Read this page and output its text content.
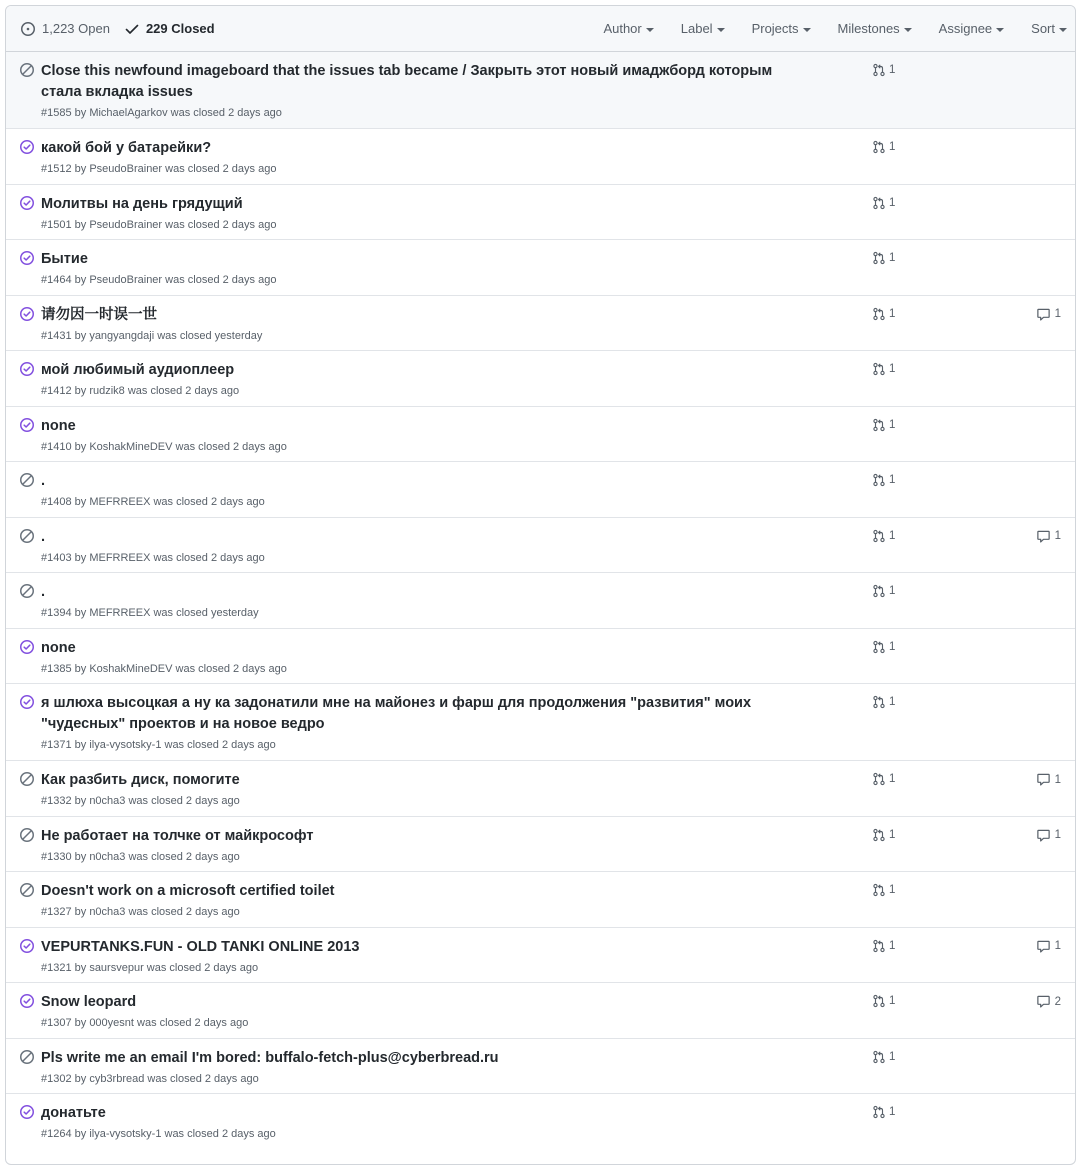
1,223 Open	229 Closed	Author	Label	Projects	Milestones	Assignee	Sort
Close this newfound imageboard that the issues tab became / Закрыть этот новый имаджборд которым стала вкладка issues
#1585 by MichaelAgarkov was closed 2 days ago
1
какой бой у батарейки?
#1512 by PseudoBrainer was closed 2 days ago
1
Молитвы на день грядущий
#1501 by PseudoBrainer was closed 2 days ago
1
Бытие
#1464 by PseudoBrainer was closed 2 days ago
1
请勿因一时误一世
#1431 by yangyangdaji was closed yesterday
1	1
мой любимый аудиоплеер
#1412 by rudzik8 was closed 2 days ago
1
none
#1410 by KoshakMineDEV was closed 2 days ago
1
.
#1408 by MEFRREEX was closed 2 days ago
1
.
#1403 by MEFRREEX was closed 2 days ago
1	1
.
#1394 by MEFRREEX was closed yesterday
1
none
#1385 by KoshakMineDEV was closed 2 days ago
1
я шлюха высоцкая а ну ка задонатили мне на майонез и фарш для продолжения "развития" моих "чудесных" проектов и на новое ведро
#1371 by ilya-vysotsky-1 was closed 2 days ago
1
Как разбить диск, помогите
#1332 by n0cha3 was closed 2 days ago
1	1
Не работает на толчке от майкрософт
#1330 by n0cha3 was closed 2 days ago
1	1
Doesn't work on a microsoft certified toilet
#1327 by n0cha3 was closed 2 days ago
1
VEPURTANKS.FUN - OLD TANKI ONLINE 2013
#1321 by saursvepur was closed 2 days ago
1	1
Snow leopard
#1307 by 000yesnt was closed 2 days ago
1	2
Pls write me an email I'm bored: buffalo-fetch-plus@cyberbread.ru
#1302 by cyb3rbread was closed 2 days ago
1
донатьте
#1264 by ilya-vysotsky-1 was closed 2 days ago
1
